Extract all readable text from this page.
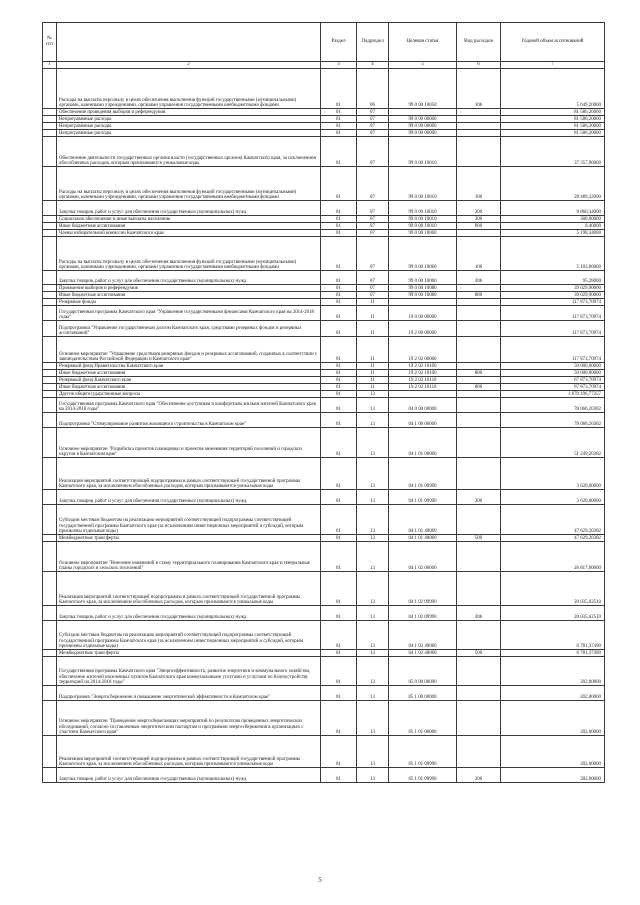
№ п/п		Раздел	Подраздел	Целевая статья	Вид расходов	Годовой объем ассигнований
1	2	3	4	5	6	7
	Расходы на выплаты персоналу в целях обеспечения выполнения функций государственными (муниципальными) органами, казенными учреждениями, органами управления государственными внебюджетными фондами	01	06	99 0 00 10050	100	5 649,20000
	Обеспечение проведения выборов и референдумов	01	07			81 586,20000
	Непрограммные расходы	01	07	99 0 00 00000		81 586,20000
	Непрограммные расходы	01	07	99 0 00 00000		81 586,20000
	Непрограммные расходы	01	07	99 0 00 00000		81 586,20000
	Обеспечение деятельности государственных органов власти (государственных органов) Камчатского края, за исключением обособленных расходов, которым присваиваются уникальные коды	01	07	99 0 00 10010		37 357,96000
	Расходы на выплаты персоналу в целях обеспечения выполнения функций государственными (муниципальными) органами, казенными учреждениями, органами управления государственными внебюджетными фондами	01	07	99 0 00 10010	100	28 489,32000
	Закупка товаров, работ и услуг для обеспечения государственных (муниципальных) нужд	01	07	99 0 00 10010	200	8 860,34000
	Социальное обеспечение и иные выплаты населению	01	07	99 0 00 10010	300	300,00000
	Иные бюджетные ассигнования	01	07	99 0 00 10010	800	8,40000
	Члены избирательной комиссии Камчатского края	01	07	99 0 00 10060		5 198,34000
	Расходы на выплаты персоналу в целях обеспечения выполнения функций государственными (муниципальными) органами, казенными учреждениями, органами управления государственными внебюджетными фондами	01	07	99 0 00 10060	100	5 103,06000
	Закупка товаров, работ и услуг для обеспечения государственных (муниципальных) нужд	01	07	99 0 00 10060	200	95,28000
	Проведение выборов и референдумов	01	07	99 0 00 10080		39 029,90000
	Иные бюджетные ассигнования	01	07	99 0 00 10080	800	39 029,90000
	Резервные фонды	01	11			117 873,70974
	Государственная программа Камчатского края "Управление государственными финансами Камчатского края на 2014-2018 годы"	01	11	19 0 00 00000		117 873,70974
	Подпрограмма "Управление государственным долгом Камчатского края, средствами резервных фондов и резервных ассигнований"	01	11	19 2 00 00000		117 873,70974
	Основное мероприятие "Управление средствами резервных фондов и резервных ассигнований, созданных в соответствии с законодательством Российской Федерации и Камчатского края"	01	11	19 2 02 00000		117 873,70974
	Резервный фонд Правительства Камчатского края	01	11	19 2 02 10100		50 000,00000
	Иные бюджетные ассигнования	01	11	19 2 02 10100	800	50 000,00000
	Резервный фонд Камчатского края	01	11	19 2 02 10110		67 873,70974
	Иные бюджетные ассигнования	01	11	19 2 02 10110	800	67 873,70974
	Другие общегосударственные вопросы	01	13			1 670 196,77257
	Государственная программа Камчатского края "Обеспечение доступным и комфортным жильем жителей Камчатского края на 2014-2018 годы"	01	13	04 0 00 00000		78 066,20382
	Подпрограмма "Стимулирование развития жилищного строительства в Камчатском крае"	01	13	04 1 00 00000		78 066,20382
	Основное мероприятие "Разработка проектов планировки и проектов межевания территорий поселений и городских округов в Камчатском крае"	01	13	04 1 01 00000		51 249,20382
	Реализация мероприятий соответствующей подпрограммы в рамках соответствующей государственной программы Камчатского края, за исключением обособленных расходов, которым присваиваются уникальные коды	01	13	04 1 01 09990		3 620,00000
	Закупка товаров, работ и услуг для обеспечения государственных (муниципальных) нужд	01	13	04 1 01 09990	200	3 620,00000
	Субсидии местным бюджетам на реализацию мероприятий соответствующей подпрограммы соответствующей государственной программы Камчатского края (за исключением инвестиционных мероприятий и субсидий, которым присвоены отдельные коды)	01	13	04 1 01 40060		47 629,20382
	Межбюджетные трансферты	01	13	04 1 01 40060	500	47 629,20382
	Основное мероприятие "Внесение изменений в схему территориального планирования Камчатского края и генеральные планы городских и сельских поселений"	01	13	04 1 02 00000		26 817,00000
	Реализация мероприятий соответствующей подпрограммы в рамках соответствующей государственной программы Камчатского края, за исключением обособленных расходов, которым присваиваются уникальные коды	01	13	04 1 02 09990		20 035,62510
	Закупка товаров, работ и услуг для обеспечения государственных (муниципальных) нужд	01	13	04 1 02 09990	200	20 035,62510
	Субсидии местным бюджетам на реализацию мероприятий соответствующей подпрограммы соответствующей государственной программы Камчатского края (за исключением инвестиционных мероприятий и субсидий, которым присвоены отдельные коды)	01	13	04 1 02 40060		6 781,37490
	Межбюджетные трансферты	01	13	04 1 02 40060	500	6 781,37490
	Государственная программа Камчатского края "Энергоэффективность, развитие энергетики и коммунального хозяйства, обеспечение жителей населенных пунктов Камчатского края коммунальными услугами и услугами по благоустройству территорий на 2014-2018 годы"	01	13	05 0 00 00000		202,00000
	Подпрограмма "Энергосбережение и повышение энергетической эффективности в Камчатском крае"	01	13	05 1 00 00000		202,00000
	Основное мероприятие "Проведение энергосберегающих мероприятий по результатам проведенных энергетических обследований, согласно составленным энергетическим паспортам и программам энергосбережения в организациях с участием Камчатского края"	01	13	05 1 01 00000		202,00000
	Реализация мероприятий соответствующей подпрограммы в рамках соответствующей государственной программы Камчатского края, за исключением обособленных расходов, которым присваиваются уникальные коды	01	13	05 1 01 09990		202,00000
	Закупка товаров, работ и услуг для обеспечения государственных (муниципальных) нужд	01	13	05 1 01 09990	200	202,00000
5
